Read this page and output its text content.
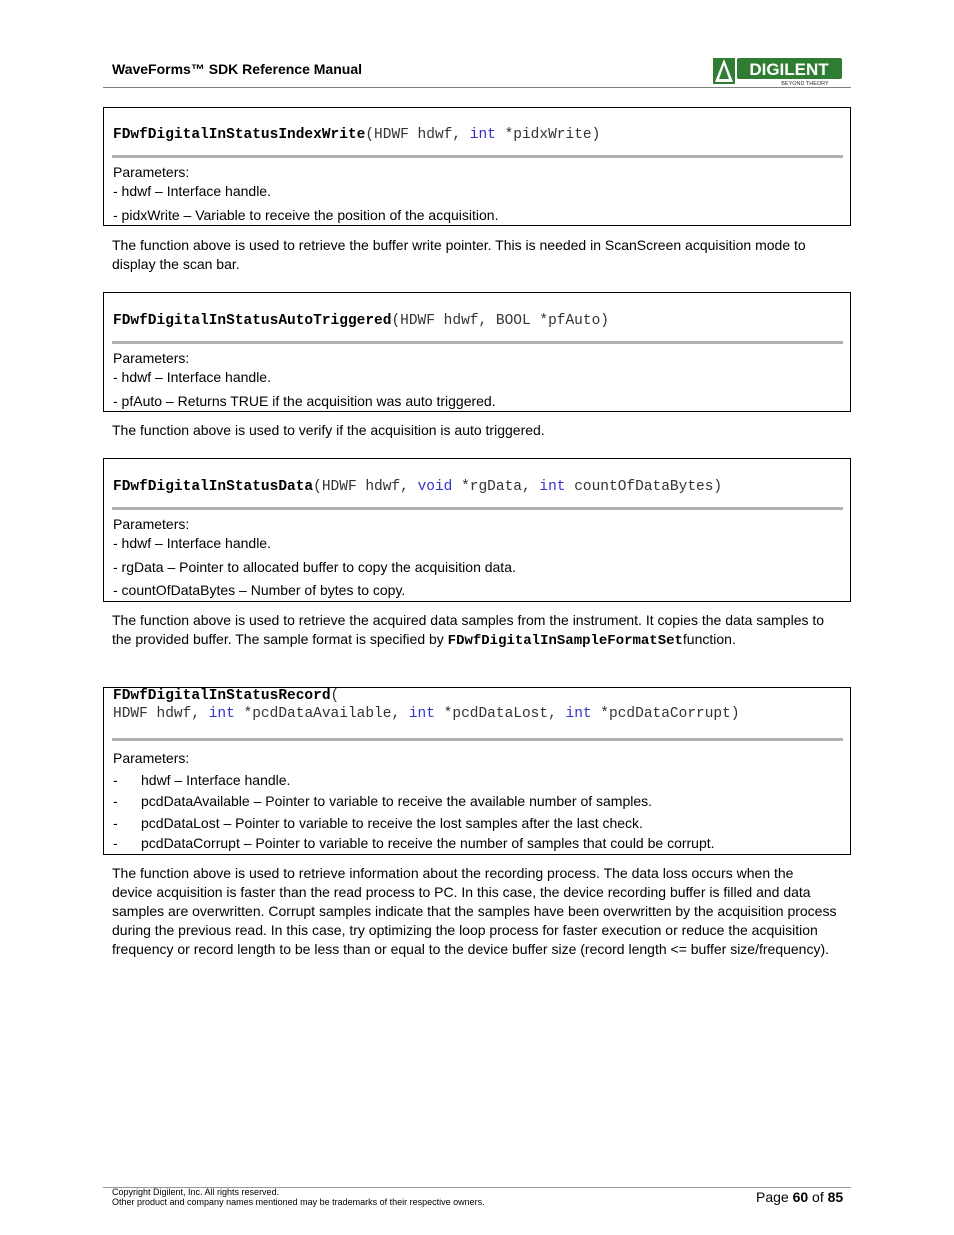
WaveForms™ SDK Reference Manual	DIGILENT
BEYOND THEORY
FDwfDigitalInStatusIndexWrite(HDWF hdwf, int *pidxWrite)
Parameters:
- hdwf – Interface handle.
- pidxWrite – Variable to receive the position of the acquisition.
The function above is used to retrieve the buffer write pointer. This is needed in ScanScreen acquisition mode to display the scan bar.
FDwfDigitalInStatusAutoTriggered(HDWF hdwf, BOOL *pfAuto)
Parameters:
- hdwf – Interface handle.
- pfAuto – Returns TRUE if the acquisition was auto triggered.
The function above is used to verify if the acquisition is auto triggered.
FDwfDigitalInStatusData(HDWF hdwf, void *rgData, int countOfDataBytes)
Parameters:
- hdwf – Interface handle.
- rgData – Pointer to allocated buffer to copy the acquisition data.
- countOfDataBytes – Number of bytes to copy.
The function above is used to retrieve the acquired data samples from the instrument. It copies the data samples to the provided buffer. The sample format is specified by FDwfDigitalInSampleFormatSetfunction.
FDwfDigitalInStatusRecord(
HDWF hdwf, int *pcdDataAvailable, int *pcdDataLost, int *pcdDataCorrupt)
Parameters:
- hdwf – Interface handle.
- pcdDataAvailable – Pointer to variable to receive the available number of samples.
- pcdDataLost – Pointer to variable to receive the lost samples after the last check.
- pcdDataCorrupt – Pointer to variable to receive the number of samples that could be corrupt.
The function above is used to retrieve information about the recording process. The data loss occurs when the device acquisition is faster than the read process to PC. In this case, the device recording buffer is filled and data samples are overwritten. Corrupt samples indicate that the samples have been overwritten by the acquisition process during the previous read. In this case, try optimizing the loop process for faster execution or reduce the acquisition frequency or record length to be less than or equal to the device buffer size (record length <= buffer size/frequency).
Copyright Digilent, Inc. All rights reserved.
Other product and company names mentioned may be trademarks of their respective owners.	Page 60 of 85
